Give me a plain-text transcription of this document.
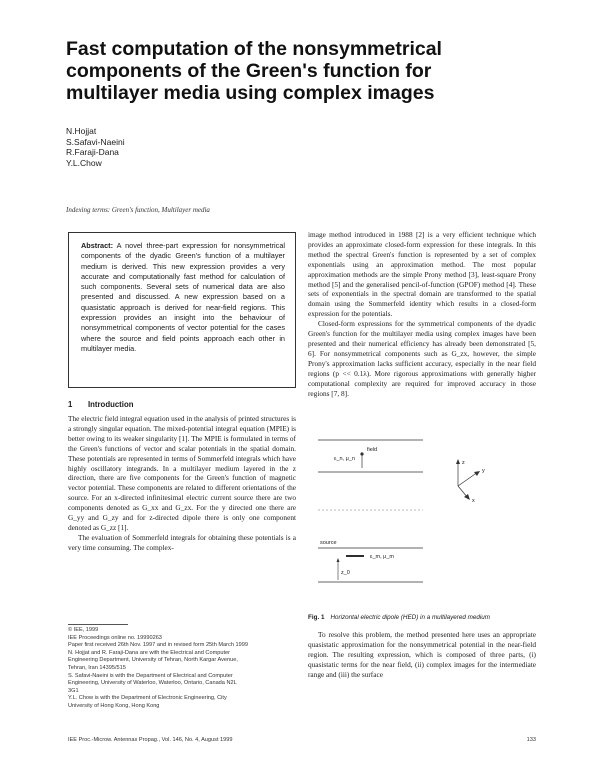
Fast computation of the nonsymmetrical components of the Green's function for multilayer media using complex images
N.Hojjat
S.Safavi-Naeini
R.Faraji-Dana
Y.L.Chow
Indexing terms: Green's function, Multilayer media
Abstract: A novel three-part expression for nonsymmetrical components of the dyadic Green's function of a multilayer medium is derived. This new expression provides a very accurate and computationally fast method for calculation of such components. Several sets of numerical data are also presented and discussed. A new expression based on a quasistatic approach is derived for near-field regions. This expression provides an insight into the behaviour of nonsymmetrical components of vector potential for the cases where the source and field points approach each other in multilayer media.
1 Introduction

The electric field integral equation used in the analysis of printed structures is a strongly singular equation. The mixed-potential integral equation (MPIE) is better owing to its weaker singularity [1]. The MPIE is formulated in terms of the Green's functions of vector and scalar potentials in the spatial domain. These potentials are represented in terms of Sommerfeld integrals which have highly oscillatory integrands. In a multilayer medium layered in the z direction, there are five components for the Green's function of magnetic vector potential. These components are related to different orientations of the source. For an x-directed infinitesimal electric current source there are two components denoted as G_xx and G_zx. For the y directed one there are G_yy and G_zy and for z-directed dipole there is only one component denoted as G_zz [1].

The evaluation of Sommerfeld integrals for obtaining these potentials is a very time consuming. The complex-

© IEE, 1999
IEE Proceedings online no. 19990263
Paper first received 26th Nov. 1997 and in revised form 25th March 1999
N. Hojjat and R. Faraji-Dana are with the Electrical and Computer
Engineering Department, University of Tehran, North Kargar Avenue,
Tehran, Iran 14395/515
S. Safavi-Naeini is with the Department of Electrical and Computer
Engineering, University of Waterloo, Waterloo, Ontario, Canada N2L
3G1
Y.L. Chow is with the Department of Electronic Engineering, City
University of Hong Kong, Hong Kong

image method introduced in 1988 [2] is a very efficient technique which provides an approximate closed-form expression for these integrals. In this method the spectral Green's function is represented by a set of complex exponentials using an approximation method. The most popular approximation methods are the simple Prony method [3], least-square Prony method [5] and the generalised pencil-of-function (GPOF) method [4]. These sets of exponentials in the spectral domain are transformed to the spatial domain using the Sommerfeld identity which results in a closed-form expression for the potentials.

Closed-form expressions for the symmetrical components of the dyadic Green's function for the multilayer media using complex images have been presented and their numerical efficiency has already been demonstrated [5, 6]. For nonsymmetrical components such as G_zx, however, the simple Prony's approximation lacks sufficient accuracy, especially in the near field regions (p << 0.1λ). More rigorous approximations with generally higher computational complexity are required for improved accuracy in those regions [7, 8].

field
ε_n, μ_n
z
y
x
source
ε_m, μ_m
z_0
Fig. 1 Horizontal electric dipole (HED) in a multilayered medium

To resolve this problem, the method presented here uses an appropriate quasistatic approximation for the nonsymmetrical potential in the near-field region. The resulting expression, which is composed of three parts, (i) quasistatic terms for the near field, (ii) complex images for the intermediate range and (iii) the surface

IEE Proc.-Microw. Antennas Propag., Vol. 146, No. 4, August 1999	133
